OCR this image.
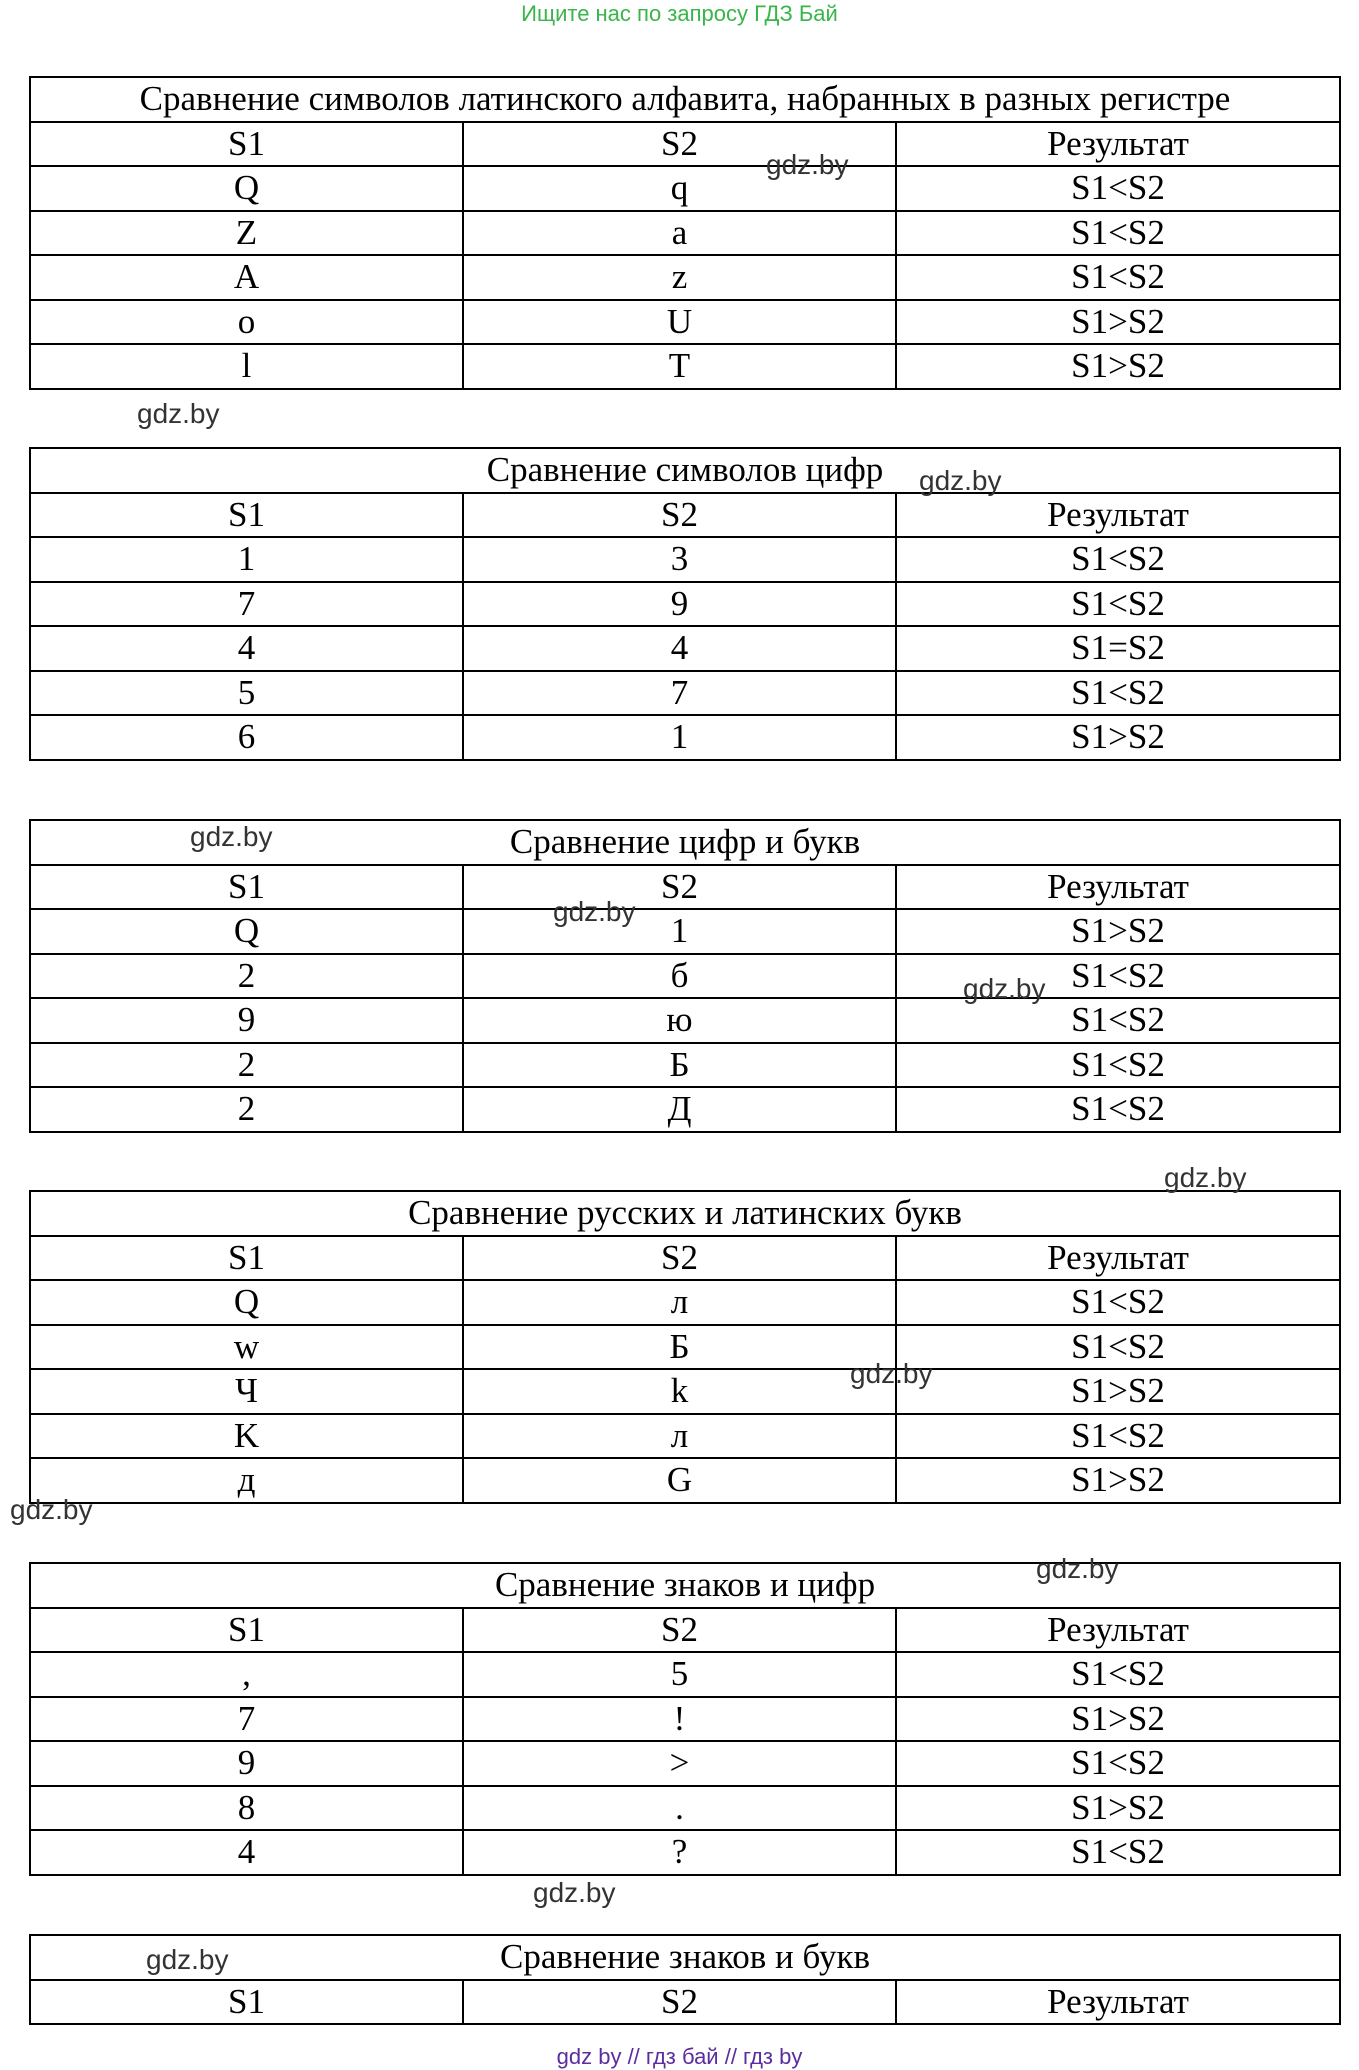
Ищите нас по запросу ГДЗ Бай
Сравнение символов латинского алфавита, набранных в разных регистре		
S1	S2	Результат
Q	q	S1<S2
Z	a	S1<S2
A	z	S1<S2
o	U	S1>S2
l	T	S1>S2
Сравнение символов цифр		
S1	S2	Результат
1	3	S1<S2
7	9	S1<S2
4	4	S1=S2
5	7	S1<S2
6	1	S1>S2
Сравнение цифр и букв		
S1	S2	Результат
Q	1	S1>S2
2	б	S1<S2
9	ю	S1<S2
2	Б	S1<S2
2	Д	S1<S2
Сравнение русских и латинских букв		
S1	S2	Результат
Q	л	S1<S2
w	Б	S1<S2
Ч	k	S1>S2
K	л	S1<S2
д	G	S1>S2
Сравнение знаков и цифр		
S1	S2	Результат
,	5	S1<S2
7	!	S1>S2
9	>	S1<S2
8	.	S1>S2
4	?	S1<S2
Сравнение знаков и букв
S1	S2	Результат
gdz.by
gdz.by
gdz.by
gdz.by
gdz.by
gdz.by
gdz.by
gdz.by
gdz.by
gdz.by
gdz.by
gdz.by
gdz by // гдз бай // гдз by
